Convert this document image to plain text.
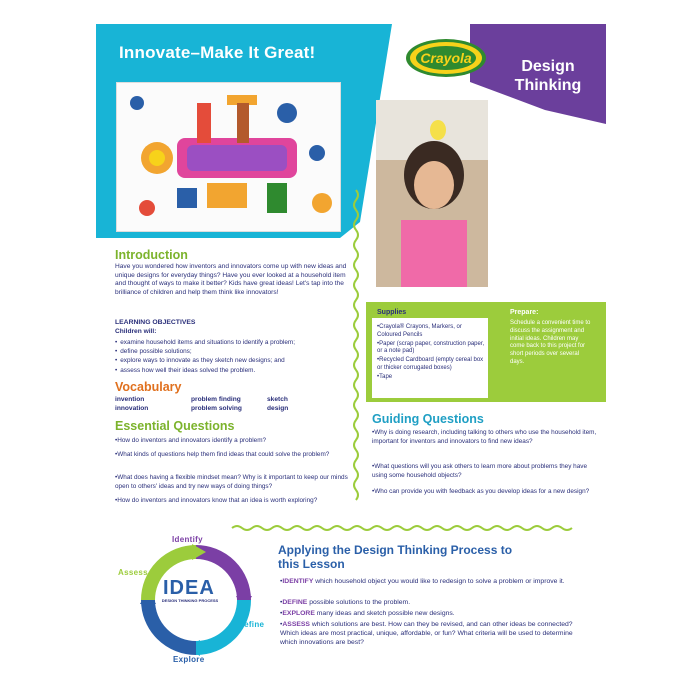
Innovate–Make It Great!
Design Thinking
Crayola
Introduction
Have you wondered how inventors and innovators come up with new ideas and unique designs for everyday things? Have you ever looked at a household item and thought of ways to make it better? Kids have great ideas! Let's tap into the brilliance of children and help them think like innovators!
LEARNING OBJECTIVES
Children will:
• examine household items and situations to identify a problem;
• define possible solutions;
• explore ways to innovate as they sketch new designs; and
• assess how well their ideas solved the problem.
Vocabulary
invention	problem finding	sketch
innovation	problem solving	design
Essential Questions
• How do inventors and innovators identify a problem?
• What kinds of questions help them find ideas that could solve the problem?
• What does having a flexible mindset mean? Why is it important to keep our minds open to others' ideas and try new ways of doing things?
• How do inventors and innovators know that an idea is worth exploring?
Supplies
• Crayola® Crayons, Markers, or Coloured Pencils
• Paper (scrap paper, construction paper, or a note pad)
• Recycled Cardboard (empty cereal box or thicker corrugated boxes)
• Tape
Prepare:
Schedule a convenient time to discuss the assignment and initial ideas. Children may come back to this project for short periods over several days.
Guiding Questions
• Why is doing research, including talking to others who use the household item, important for inventors and innovators to find new ideas?
• What questions will you ask others to learn more about problems they have using some household objects?
• Who can provide you with feedback as you develop ideas for a new design?
Identify
Define
Explore
Assess
IDEA
DESIGN THINKING PROCESS
Applying the Design Thinking Process to this Lesson
• IDENTIFY which household object you would like to redesign to solve a problem or improve it.
• DEFINE possible solutions to the problem.
• EXPLORE many ideas and sketch possible new designs.
• ASSESS which solutions are best. How can they be revised, and can other ideas be connected? Which ideas are most practical, unique, affordable, or fun? What criteria will be used to determine which innovations are best?
